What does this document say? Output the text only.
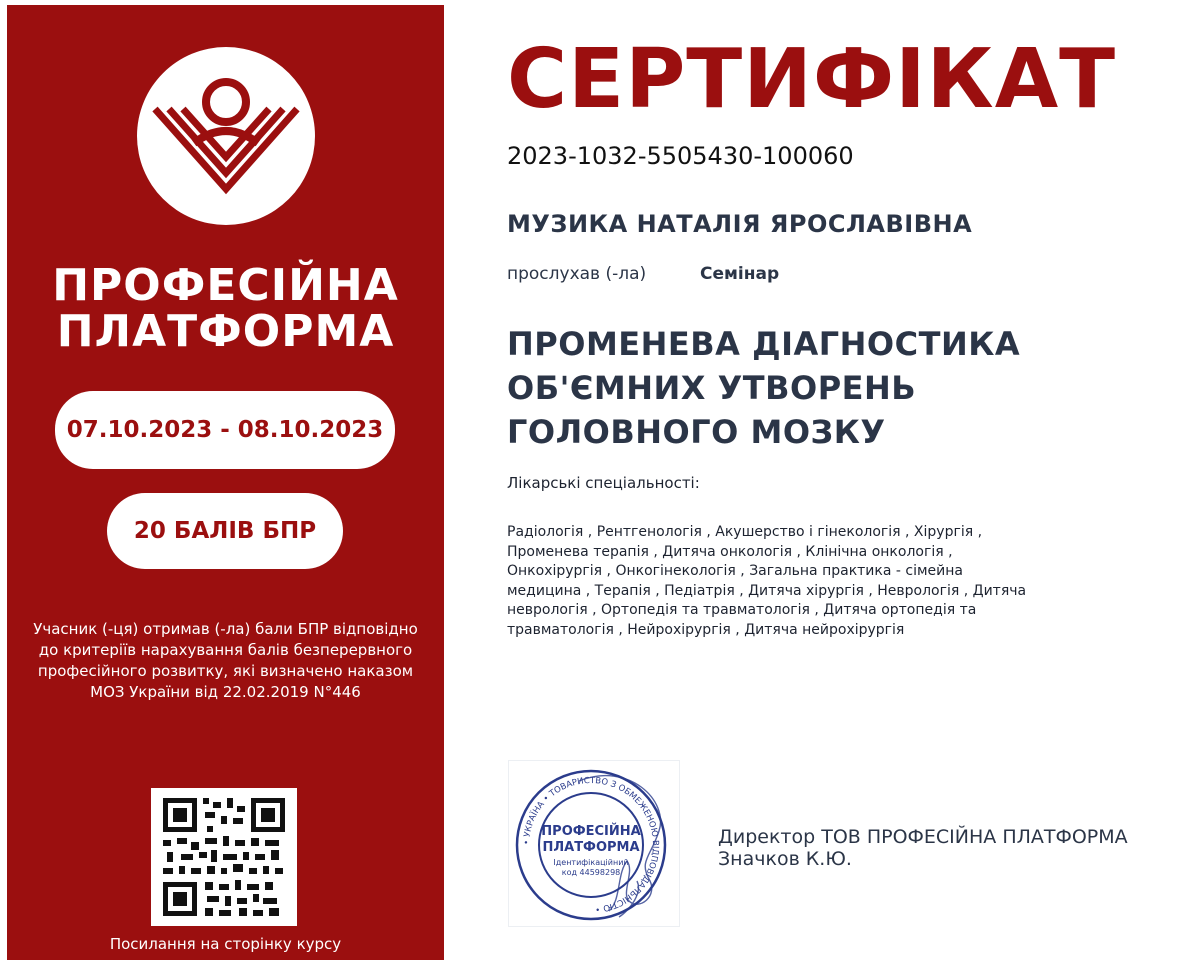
ПРОФЕСІЙНА
ПЛАТФОРМА
07.10.2023 - 08.10.2023
20 БАЛІВ БПР
Учасник (-ця) отримав (-ла) бали БПР відповідно до критеріїв нарахування балів безперервного професійного розвитку, які визначено наказом МОЗ України від 22.02.2019 N°446
Посилання на сторінку курсу
СЕРТИФІКАТ
2023-1032-5505430-100060
МУЗИКА НАТАЛІЯ ЯРОСЛАВІВНА
прослухав (-ла)	Семінар
ПРОМЕНЕВА ДІАГНОСТИКА
ОБ'ЄМНИХ УТВОРЕНЬ
ГОЛОВНОГО МОЗКУ
Лікарські спеціальності:
Радіологія , Рентгенологія , Акушерство і гінекологія , Хірургія , Променева терапія , Дитяча онкологія , Клінічна онкологія , Онкохірургія , Онкогінекологія , Загальна практика - сімейна медицина , Терапія , Педіатрія , Дитяча хірургія , Неврологія , Дитяча неврологія , Ортопедія та травматологія , Дитяча ортопедія та травматологія , Нейрохірургія , Дитяча нейрохірургія
• УКРАЇНА • ТОВАРИСТВО З ОБМЕЖЕНОЮ ВІДПОВІДАЛЬНІСТЮ •
ПРОФЕСІЙНА
ПЛАТФОРМА
Ідентифікаційний
код 44598298
Директор ТОВ ПРОФЕСІЙНА ПЛАТФОРМА
Значков К.Ю.
